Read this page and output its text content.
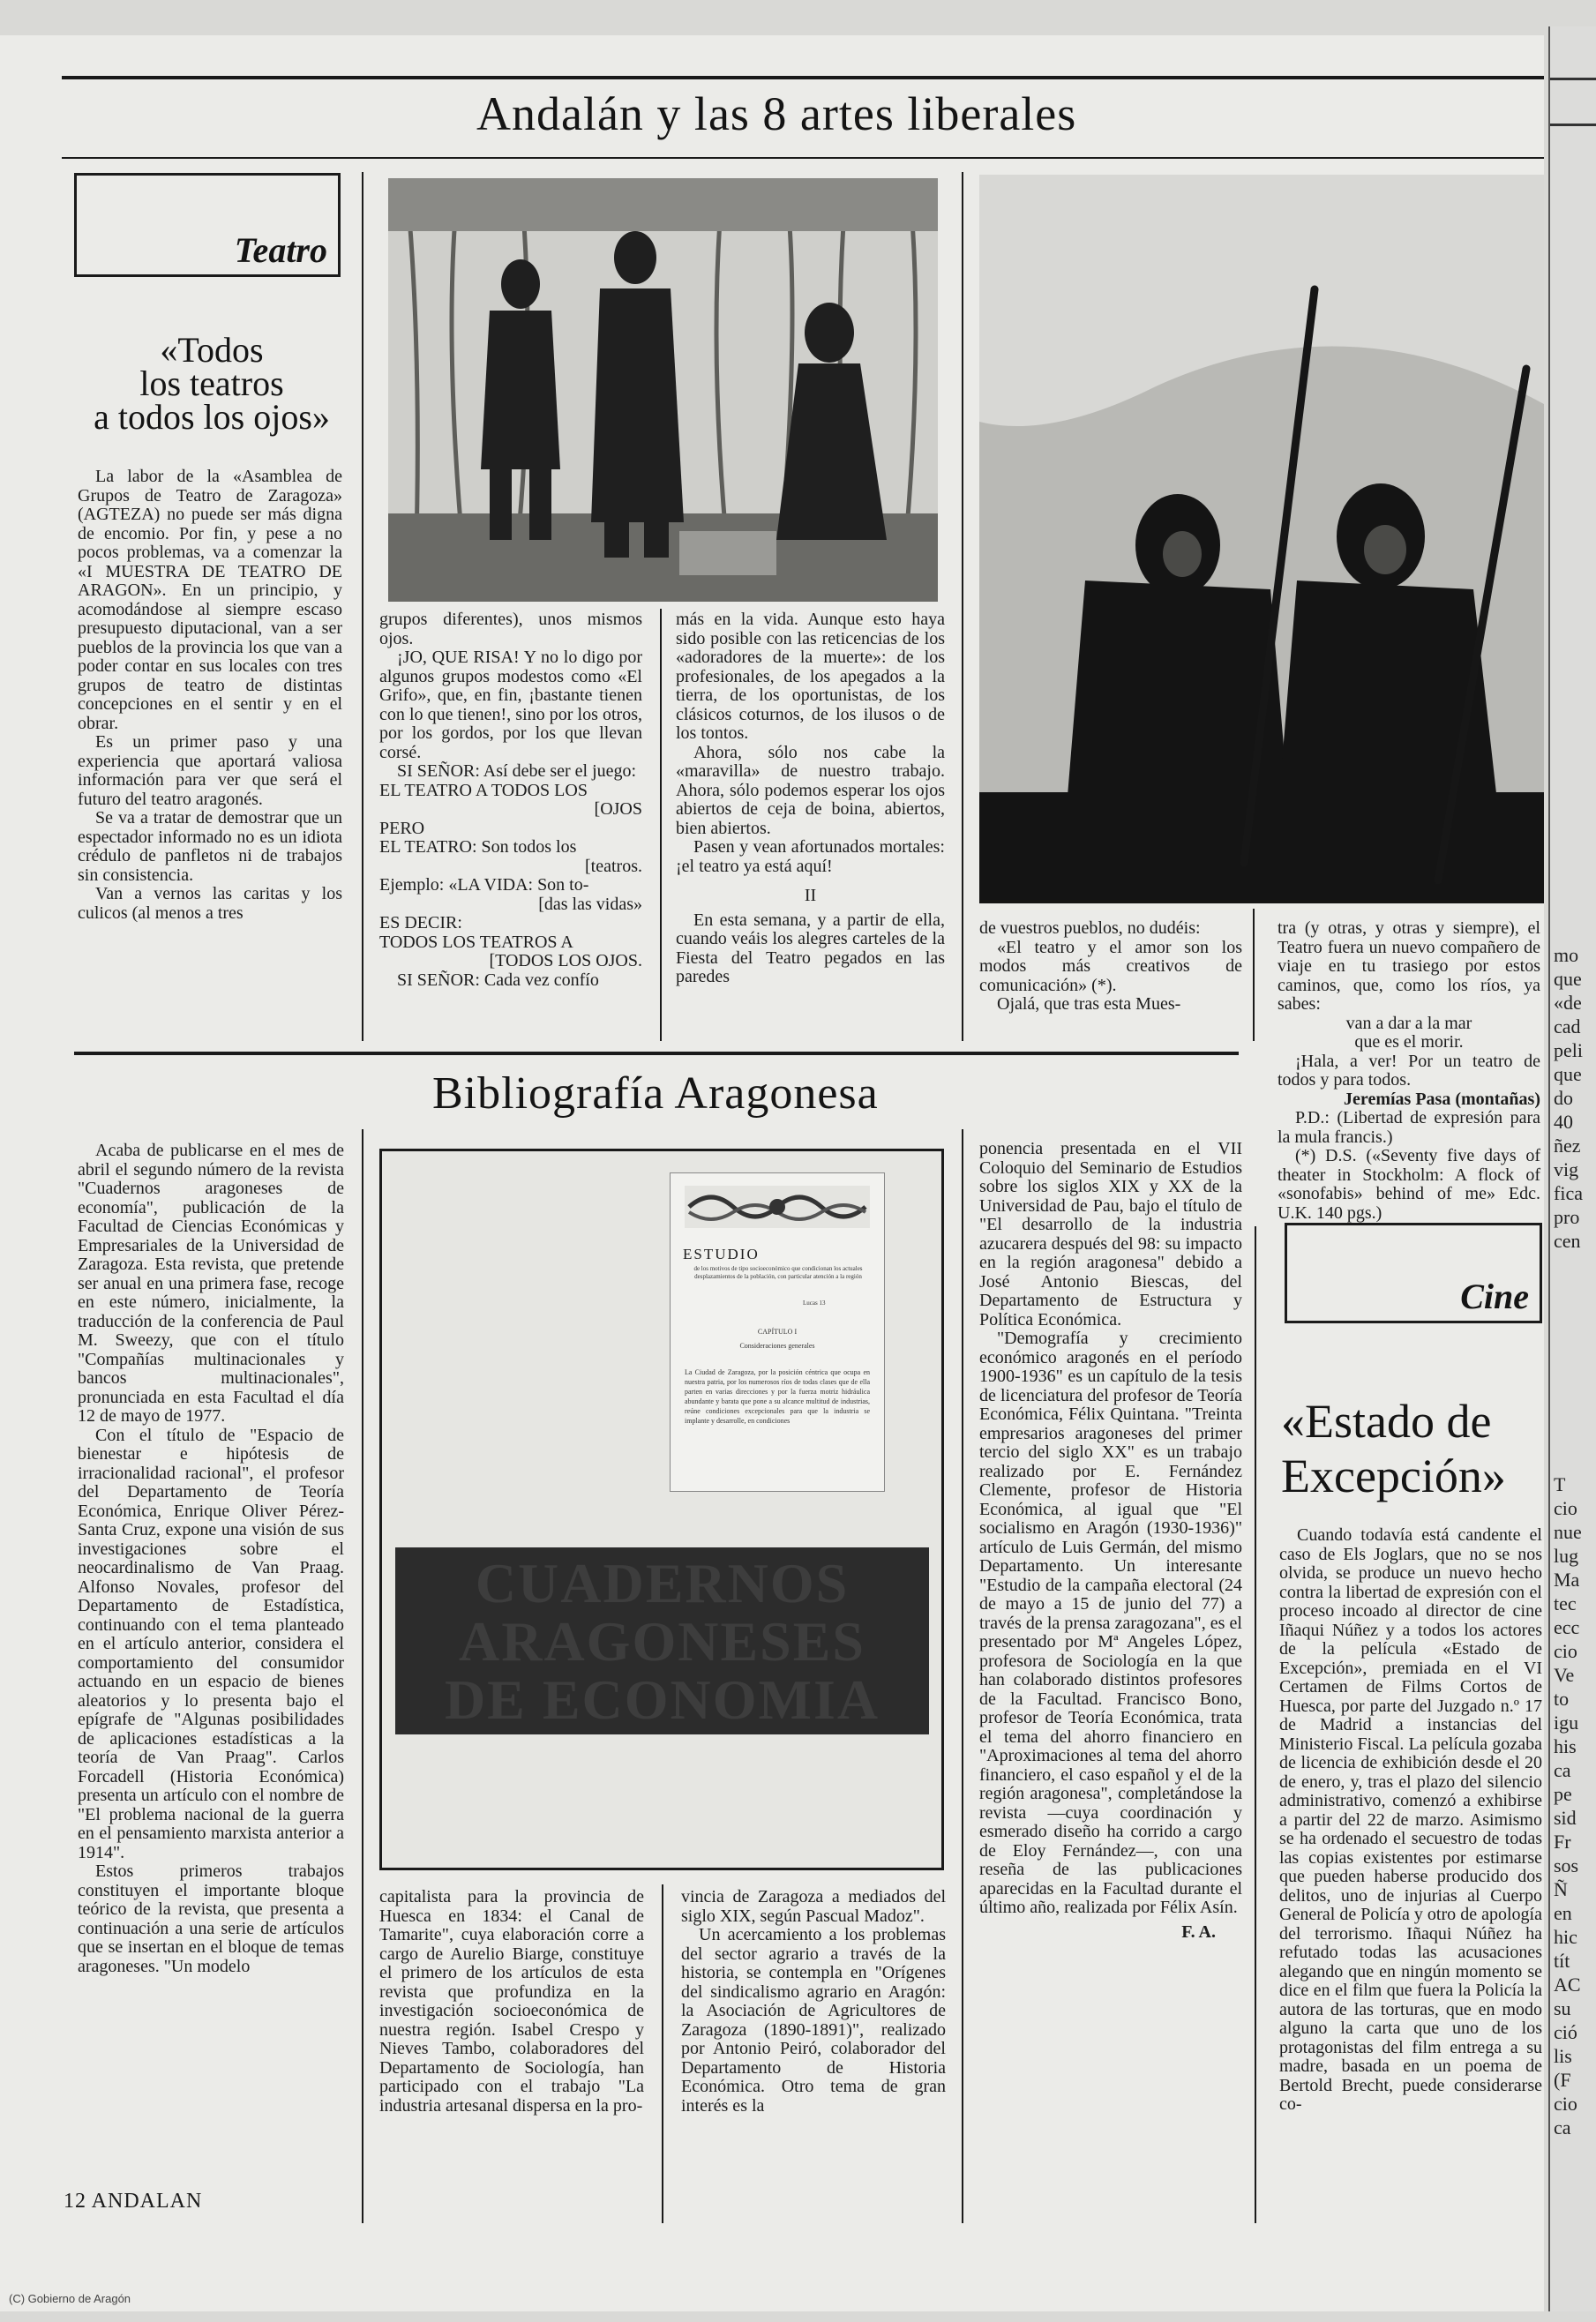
Andalán y las 8 artes liberales
Teatro
«Todos
los teatros
a todos los ojos»

La labor de la «Asamblea de Grupos de Teatro de Zaragoza» (AGTEZA) no puede ser más digna de encomio. Por fin, y pese a no pocos problemas, va a comenzar la «I MUESTRA DE TEATRO DE ARAGON». En un principio, y acomodándose al siempre escaso presupuesto diputacional, van a ser pueblos de la provincia los que van a poder contar en sus locales con tres grupos de teatro de distintas concepciones en el sentir y en el obrar.

Es un primer paso y una experiencia que aportará valiosa información para ver que será el futuro del teatro aragonés.

Se va a tratar de demostrar que un espectador informado no es un idiota crédulo de panfletos ni de trabajos sin consistencia.

Van a vernos las caritas y los culicos (al menos a tres

grupos diferentes), unos mismos ojos.

¡JO, QUE RISA! Y no lo digo por algunos grupos modestos como «El Grifo», que, en fin, ¡bastante tienen con lo que tienen!, sino por los otros, por los gordos, por los que llevan corsé.

SI SEÑOR: Así debe ser el juego:

EL TEATRO A TODOS LOS

[OJOS

PERO

EL TEATRO: Son todos los

[teatros.

Ejemplo: «LA VIDA: Son to-

[das las vidas»

ES DECIR:

TODOS LOS TEATROS A

[TODOS LOS OJOS.

SI SEÑOR: Cada vez confío

más en la vida. Aunque esto haya sido posible con las reticencias de los «adoradores de la muerte»: de los profesionales, de los apegados a la tierra, de los oportunistas, de los clásicos coturnos, de los ilusos o de los tontos.

Ahora, sólo nos cabe la «maravilla» de nuestro trabajo. Ahora, sólo podemos esperar los ojos abiertos de ceja de boina, abiertos, bien abiertos.

Pasen y vean afortunados mortales: ¡el teatro ya está aquí!

II

En esta semana, y a partir de ella, cuando veáis los alegres carteles de la Fiesta del Teatro pegados en las paredes

de vuestros pueblos, no dudéis:

«El teatro y el amor son los modos más creativos de comunicación» (*).

Ojalá, que tras esta Mues-

tra (y otras, y otras y siempre), el Teatro fuera un nuevo compañero de viaje en tu trasiego por estos caminos, que, como los ríos, ya sabes:

van a dar a la mar

que es el morir.

¡Hala, a ver! Por un teatro de todos y para todos.

Jeremías Pasa (montañas)

P.D.: (Libertad de expresión para la mula francis.)

(*) D.S. («Seventy five days of theater in Stockholm: A flock of «sonofabis» behind of me» Edc. U.K. 140 pgs.)

Bibliografía Aragonesa

Acaba de publicarse en el mes de abril el segundo número de la revista "Cuadernos aragoneses de economía", publicación de la Facultad de Ciencias Económicas y Empresariales de la Universidad de Zaragoza. Esta revista, que pretende ser anual en una primera fase, recoge en este número, inicialmente, la traducción de la conferencia de Paul M. Sweezy, que con el título "Compañías multinacionales y bancos multinacionales", pronunciada en esta Facultad el día 12 de mayo de 1977.

Con el título de "Espacio de bienestar e hipótesis de irracionalidad racional", el profesor del Departamento de Teoría Económica, Enrique Oliver Pérez-Santa Cruz, expone una visión de sus investigaciones sobre el neocardinalismo de Van Praag. Alfonso Novales, profesor del Departamento de Estadística, continuando con el tema planteado en el artículo anterior, considera el comportamiento del consumidor actuando en un espacio de bienes aleatorios y lo presenta bajo el epígrafe de "Algunas posibilidades de aplicaciones estadísticas a la teoría de Van Praag". Carlos Forcadell (Historia Económica) presenta un artículo con el nombre de "El problema nacional de la guerra en el pensamiento marxista anterior a 1914".

Estos primeros trabajos constituyen el importante bloque teórico de la revista, que presenta a continuación a una serie de artículos que se insertan en el bloque de temas aragoneses. "Un modelo

ESTUDIO
de los motivos de tipo socioeconómico que condicionan los actuales desplazamientos de la población, con particular atención a la región
Lucas 13
CAPÍTULO I
Consideraciones generales
La Ciudad de Zaragoza, por la posición céntrica que ocupa en nuestra patria, por los numerosos ríos de todas clases que de ella parten en varias direcciones y por la fuerza motriz hidráulica abundante y barata que pone a su alcance multitud de industrias, reúne condiciones excepcionales para que la industria se implante y desarrolle, en condiciones
CUADERNOS
ARAGONESES
DE ECONOMIA

capitalista para la provincia de Huesca en 1834: el Canal de Tamarite", cuya elaboración corre a cargo de Aurelio Biarge, constituye el primero de los artículos de esta revista que profundiza en la investigación socioeconómica de nuestra región. Isabel Crespo y Nieves Tambo, colaboradores del Departamento de Sociología, han participado con el trabajo "La industria artesanal dispersa en la pro-

vincia de Zaragoza a mediados del siglo XIX, según Pascual Madoz".

Un acercamiento a los problemas del sector agrario a través de la historia, se contempla en "Orígenes del sindicalismo agrario en Aragón: la Asociación de Agricultores de Zaragoza (1890-1891)", realizado por Antonio Peiró, colaborador del Departamento de Historia Económica. Otro tema de gran interés es la

ponencia presentada en el VII Coloquio del Seminario de Estudios sobre los siglos XIX y XX de la Universidad de Pau, bajo el título de "El desarrollo de la industria azucarera después del 98: su impacto en la región aragonesa" debido a José Antonio Biescas, del Departamento de Estructura y Política Económica.

"Demografía y crecimiento económico aragonés en el período 1900-1936" es un capítulo de la tesis de licenciatura del profesor de Teoría Económica, Félix Quintana. "Treinta empresarios aragoneses del primer tercio del siglo XX" es un trabajo realizado por E. Fernández Clemente, profesor de Historia Económica, al igual que "El socialismo en Aragón (1930-1936)" artículo de Luis Germán, del mismo Departamento. Un interesante "Estudio de la campaña electoral (24 de mayo a 15 de junio del 77) a través de la prensa zaragozana", es el presentado por Mª Angeles López, profesora de Sociología en la que han colaborado distintos profesores de la Facultad. Francisco Bono, profesor de Teoría Económica, trata el tema del ahorro financiero en "Aproximaciones al tema del ahorro financiero, el caso español y el de la región aragonesa", completándose la revista —cuya coordinación y esmerado diseño ha corrido a cargo de Eloy Fernández—, con una reseña de las publicaciones aparecidas en la Facultad durante el último año, realizada por Félix Asín.

F. A.

Cine
«Estado de
Excepción»

Cuando todavía está candente el caso de Els Joglars, que no se nos olvida, se produce un nuevo hecho contra la libertad de expresión con el proceso incoado al director de cine Iñaqui Núñez y a todos los actores de la película «Estado de Excepción», premiada en el VI Certamen de Films Cortos de Huesca, por parte del Juzgado n.º 17 de Madrid a instancias del Ministerio Fiscal. La película gozaba de licencia de exhibición desde el 20 de enero, y, tras el plazo del silencio administrativo, comenzó a exhibirse a partir del 22 de marzo. Asimismo se ha ordenado el secuestro de todas las copias existentes por estimarse que pueden haberse producido dos delitos, uno de injurias al Cuerpo General de Policía y otro de apología del terrorismo. Iñaqui Núñez ha refutado todas las acusaciones alegando que en ningún momento se dice en el film que fuera la Policía la autora de las torturas, que en modo alguno la carta que uno de los protagonistas del film entrega a su madre, basada en un poema de Bertold Brecht, puede considerarse co-

12 ANDALAN
(C) Gobierno de Aragón
mo
que
«de
cad
peli
que
do
40
ñez
vig
fica
pro
cen
T
cio
nue
lug
Ma
tec
ecc
cio
Ve
to
igu
his
ca
pe
sid
Fr
sos
Ñ
en
hic
tít
AC
su
ció
lis
(F
cio
ca
